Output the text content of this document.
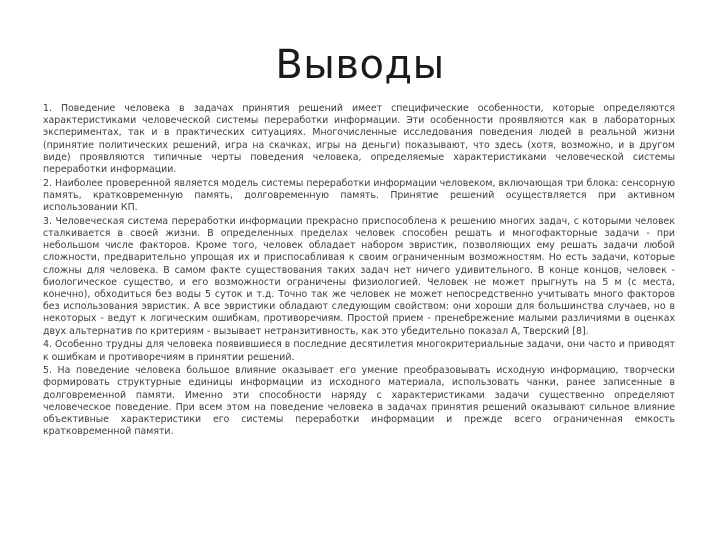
Выводы

1. Поведение человека в задачах принятия решений имеет специфические особенности, которые определяются характеристиками человеческой системы переработки информации. Эти особенности проявляются как в лабораторных экспериментах, так и в практических ситуациях. Многочисленные исследования поведения людей в реальной жизни (принятие политических решений, игра на скачках, игры на деньги) показывают, что здесь (хотя, возможно, и в другом виде) проявляются типичные черты поведения человека, определяемые характеристиками человеческой системы переработки информации.

2. Наиболее проверенной является модель системы переработки информации человеком, включающая три блока: сенсорную память, кратковременную память, долговременную память. Принятие решений осуществляется при активном использовании КП.

3. Человеческая система переработки информации прекрасно приспособлена к решению многих задач, с которыми человек сталкивается в своей жизни. В определенных пределах человек способен решать и многофакторные задачи - при небольшом числе факторов. Кроме того, человек обладает набором эвристик, позволяющих ему решать задачи любой сложности, предварительно упрощая их и приспосабливая к своим ограниченным возможностям. Но есть задачи, которые сложны для человека. В самом факте существования таких задач нет ничего удивительного. В конце концов, человек - биологическое существо, и его возможности ограничены физиологией. Человек не может прыгнуть на 5 м (с места, конечно), обходиться без воды 5 суток и т.д. Точно так же человек не может непосредственно учитывать много факторов без использования эвристик. А все эвристики обладают следующим свойством: они хороши для большинства случаев, но в некоторых - ведут к логическим ошибкам, противоречиям. Простой прием - пренебрежение малыми различиями в оценках двух альтернатив по критериям - вызывает нетранзитивность, как это убедительно показал А, Тверский [8].

4. Особенно трудны для человека появившиеся в последние десятилетия многокритериальные задачи, они часто и приводят к ошибкам и противоречиям в принятии решений.

5. На поведение человека большое влияние оказывает его умение преобразовывать исходную информацию, творчески формировать структурные единицы информации из исходного материала, использовать чанки, ранее записенные в долговременной памяти. Именно эти способности наряду с характеристиками задачи существенно определяют человеческое поведение. При всем этом на поведение человека в задачах принятия решений оказывают сильное влияние объективные характеристики его системы переработки информации и прежде всего ограниченная емкость кратковременной памяти.
